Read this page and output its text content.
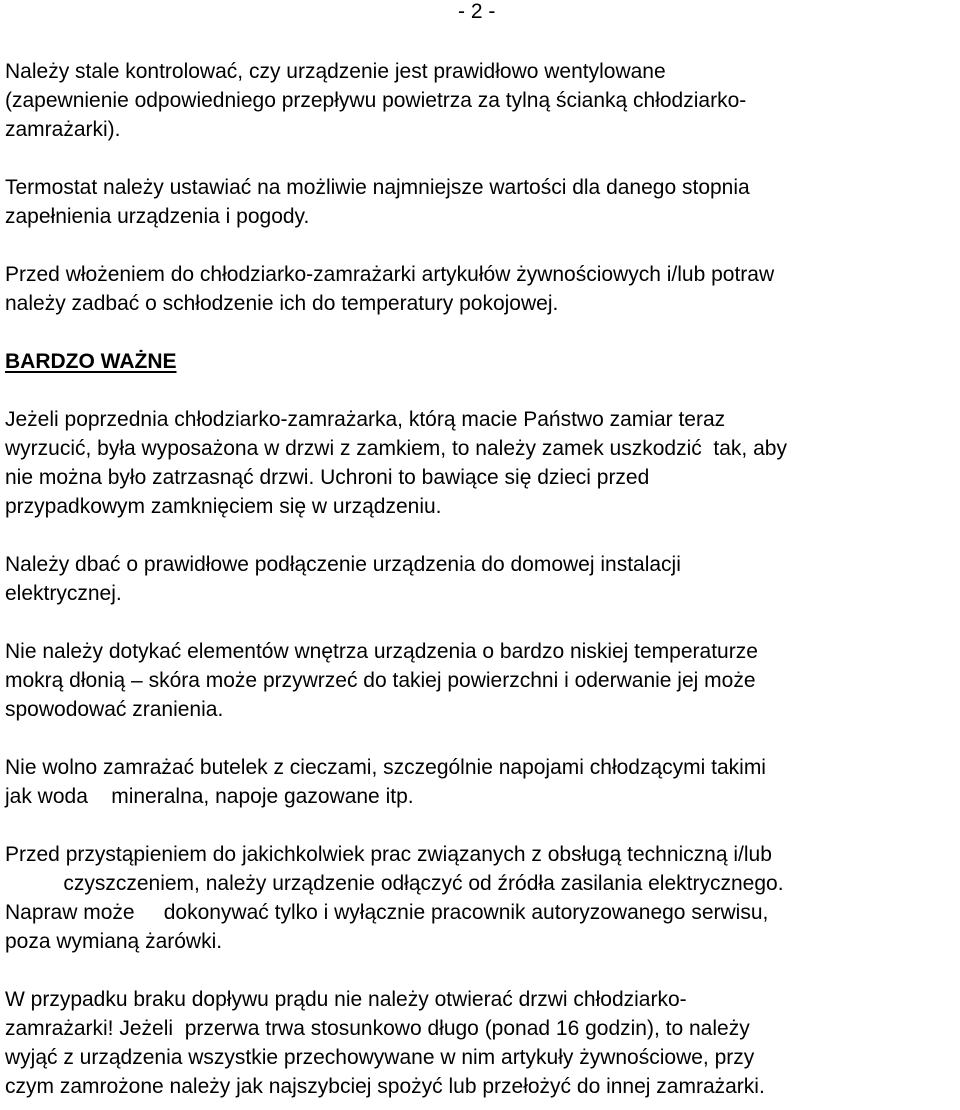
- 2 -
Należy stale kontrolować, czy urządzenie jest prawidłowo wentylowane
(zapewnienie odpowiedniego przepływu powietrza za tylną ścianką chłodziarko-
zamrażarki).
Termostat należy ustawiać na możliwie najmniejsze wartości dla danego stopnia
zapełnienia urządzenia i pogody.
Przed włożeniem do chłodziarko-zamrażarki artykułów żywnościowych i/lub potraw
należy zadbać o schłodzenie ich do temperatury pokojowej.
BARDZO WAŻNE
Jeżeli poprzednia chłodziarko-zamrażarka, którą macie Państwo zamiar teraz
wyrzucić, była wyposażona w drzwi z zamkiem, to należy zamek uszkodzić  tak, aby
nie można było zatrzasnąć drzwi. Uchroni to bawiące się dzieci przed
przypadkowym zamknięciem się w urządzeniu.
Należy dbać o prawidłowe podłączenie urządzenia do domowej instalacji
elektrycznej.
Nie należy dotykać elementów wnętrza urządzenia o bardzo niskiej temperaturze
mokrą dłonią – skóra może przywrzeć do takiej powierzchni i oderwanie jej może
spowodować zranienia.
Nie wolno zamrażać butelek z cieczami, szczególnie napojami chłodzącymi takimi
jak woda    mineralna, napoje gazowane itp.
Przed przystąpieniem do jakichkolwiek prac związanych z obsługą techniczną i/lub
czyszczeniem, należy urządzenie odłączyć od źródła zasilania elektrycznego.
Napraw może     dokonywać tylko i wyłącznie pracownik autoryzowanego serwisu,
poza wymianą żarówki.
W przypadku braku dopływu prądu nie należy otwierać drzwi chłodziarko-
zamrażarki! Jeżeli  przerwa trwa stosunkowo długo (ponad 16 godzin), to należy
wyjąć z urządzenia wszystkie przechowywane w nim artykuły żywnościowe, przy
czym zamrożone należy jak najszybciej spożyć lub przełożyć do innej zamrażarki.
